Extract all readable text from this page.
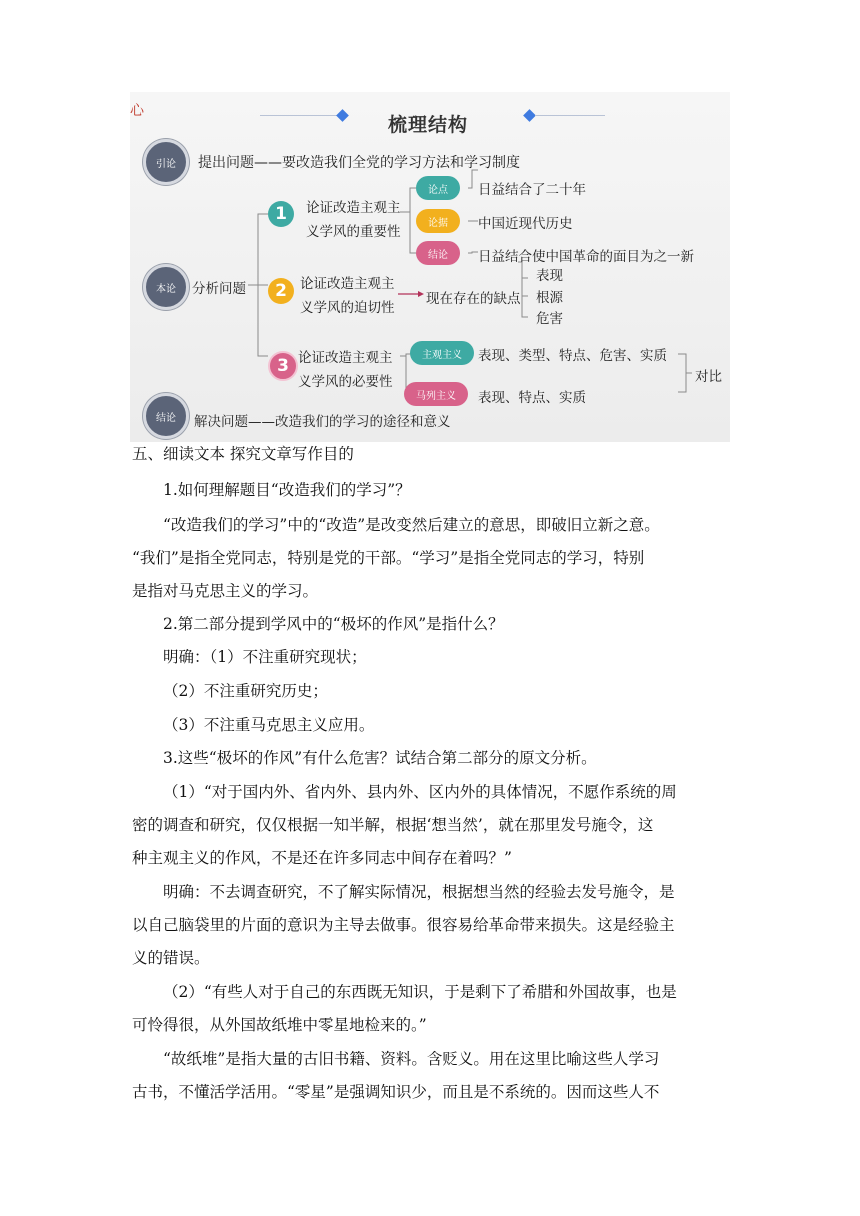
心
梳理结构
引论 提出问题——要改造我们全党的学习方法和学习制度
本论 分析问题
1	论证改造主观主
义学风的重要性
论点
论据
结论
日益结合了二十年
中国近现代历史
日益结合使中国革命的面目为之一新
2 论证改造主观主
义学风的迫切性
现在存在的缺点
表现
根源
危害
3 论证改造主观主
义学风的必要性
主观主义
马列主义
表现、类型、特点、危害、实质
表现、特点、实质
对比
结论 解决问题——改造我们的学习的途径和意义
五、细读文本 探究文章写作目的
1.如何理解题目“改造我们的学习”？
“改造我们的学习”中的“改造”是改变然后建立的意思，即破旧立新之意。
“我们”是指全党同志，特别是党的干部。“学习”是指全党同志的学习，特别
是指对马克思主义的学习。
2.第二部分提到学风中的“极坏的作风”是指什么？
明确：（1）不注重研究现状；
（2）不注重研究历史；
（3）不注重马克思主义应用。
3.这些“极坏的作风”有什么危害？试结合第二部分的原文分析。
（1）“对于国内外、省内外、县内外、区内外的具体情况，不愿作系统的周
密的调查和研究，仅仅根据一知半解，根据‘想当然’，就在那里发号施令，这
种主观主义的作风，不是还在许多同志中间存在着吗？”
明确：不去调查研究，不了解实际情况，根据想当然的经验去发号施令，是
以自己脑袋里的片面的意识为主导去做事。很容易给革命带来损失。这是经验主
义的错误。
（2）“有些人对于自己的东西既无知识，于是剩下了希腊和外国故事，也是
可怜得很，从外国故纸堆中零星地检来的。”
“故纸堆”是指大量的古旧书籍、资料。含贬义。用在这里比喻这些人学习
古书，不懂活学活用。“零星”是强调知识少，而且是不系统的。因而这些人不
